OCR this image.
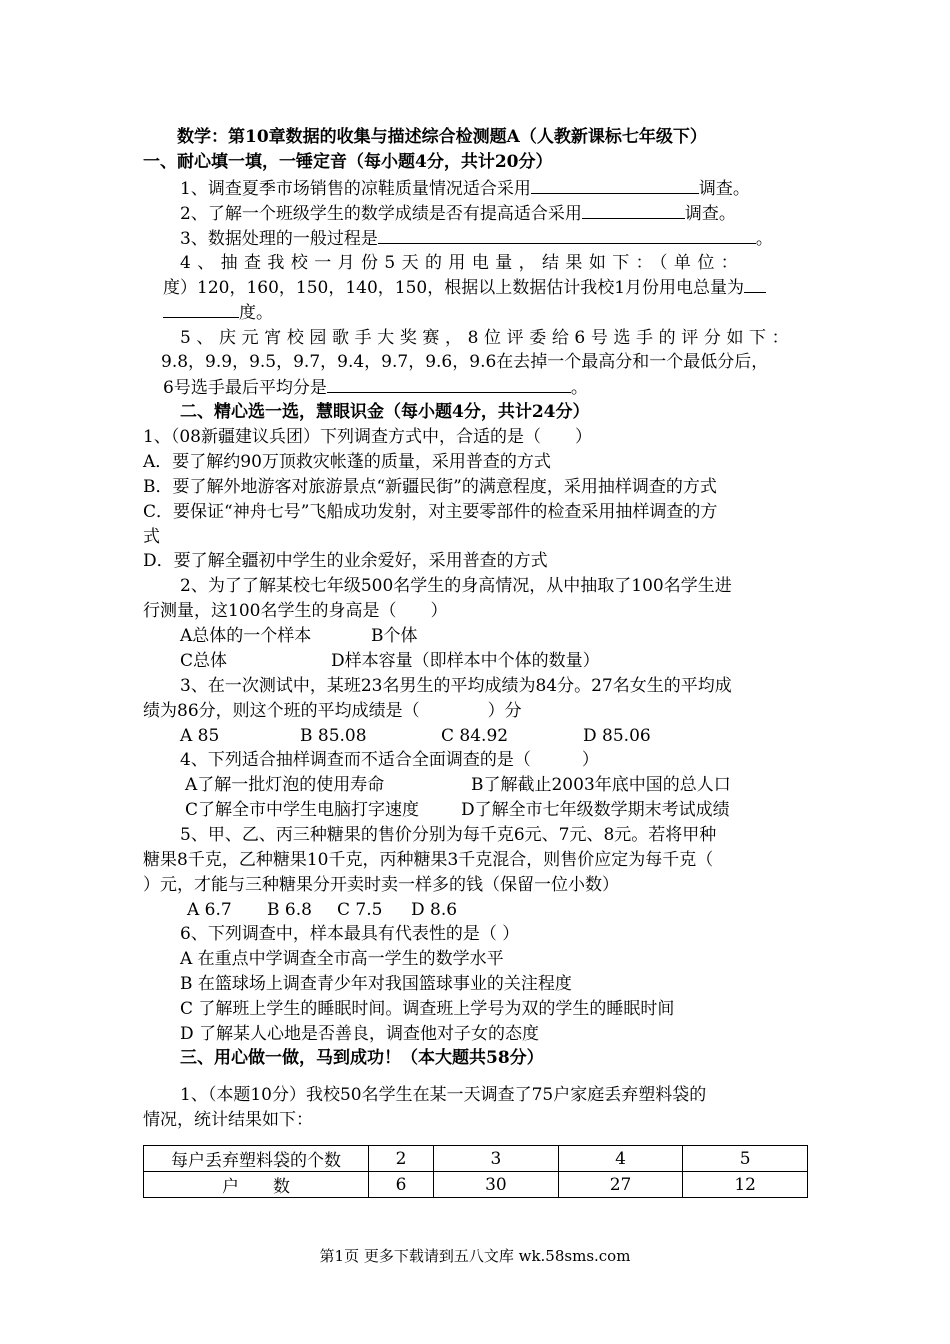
数学：第10章数据的收集与描述综合检测题A（人教新课标七年级下）
一、耐心填一填，一锤定音（每小题4分，共计20分）
1、调查夏季市场销售的凉鞋质量情况适合采用	调查。
2、了解一个班级学生的数学成绩是否有提高适合采用	调查。
3、数据处理的一般过程是	。
4、抽查我校一月份5天的用电量，结果如下：（单位：
度）120，160，150，140，150，根据以上数据估计我校1月份用电总量为
度。
5、庆元宵校园歌手大奖赛，8位评委给6号选手的评分如下：
9.8，9.9，9.5，9.7，9.4，9.7，9.6，9.6在去掉一个最高分和一个最低分后，
6号选手最后平均分是	。
二、精心选一选，慧眼识金（每小题4分，共计24分）
1、（08新疆建议兵团）下列调查方式中，合适的是（　　）
A．要了解约90万顶救灾帐蓬的质量，采用普查的方式
B．要了解外地游客对旅游景点“新疆民街”的满意程度，采用抽样调查的方式
C．要保证“神舟七号”飞船成功发射，对主要零部件的检查采用抽样调查的方
式
D．要了解全疆初中学生的业余爱好，采用普查的方式
2、为了了解某校七年级500名学生的身高情况，从中抽取了100名学生进
行测量，这100名学生的身高是（　　）
A总体的一个样本	B个体
C总体	D样本容量（即样本中个体的数量）
3、在一次测试中，某班23名男生的平均成绩为84分。27名女生的平均成
绩为86分，则这个班的平均成绩是（　　　　）分
A 85	B 85.08	C 84.92	D 85.06
4、下列适合抽样调查而不适合全面调查的是（　　　）
A了解一批灯泡的使用寿命	B了解截止2003年底中国的总人口
C了解全市中学生电脑打字速度 D了解全市七年级数学期末考试成绩
5、甲、乙、丙三种糖果的售价分别为每千克6元、7元、8元。若将甲种
糖果8千克，乙种糖果10千克，丙种糖果3千克混合，则售价应定为每千克（
）元，才能与三种糖果分开卖时卖一样多的钱（保留一位小数）
A 6.7 B 6.8 C 7.5 D 8.6
6、下列调查中，样本最具有代表性的是（ ）
A 在重点中学调查全市高一学生的数学水平
B 在篮球场上调查青少年对我国篮球事业的关注程度
C 了解班上学生的睡眠时间。调查班上学号为双的学生的睡眠时间
D 了解某人心地是否善良，调查他对子女的态度
三、用心做一做，马到成功！（本大题共58分）
1、（本题10分）我校50名学生在某一天调查了75户家庭丢弃塑料袋的
情况，统计结果如下：
每户丢弃塑料袋的个数	2	3	4	5
户　　数	6	30	27	12
第1页 更多下载请到五八文库 wk.58sms.com
